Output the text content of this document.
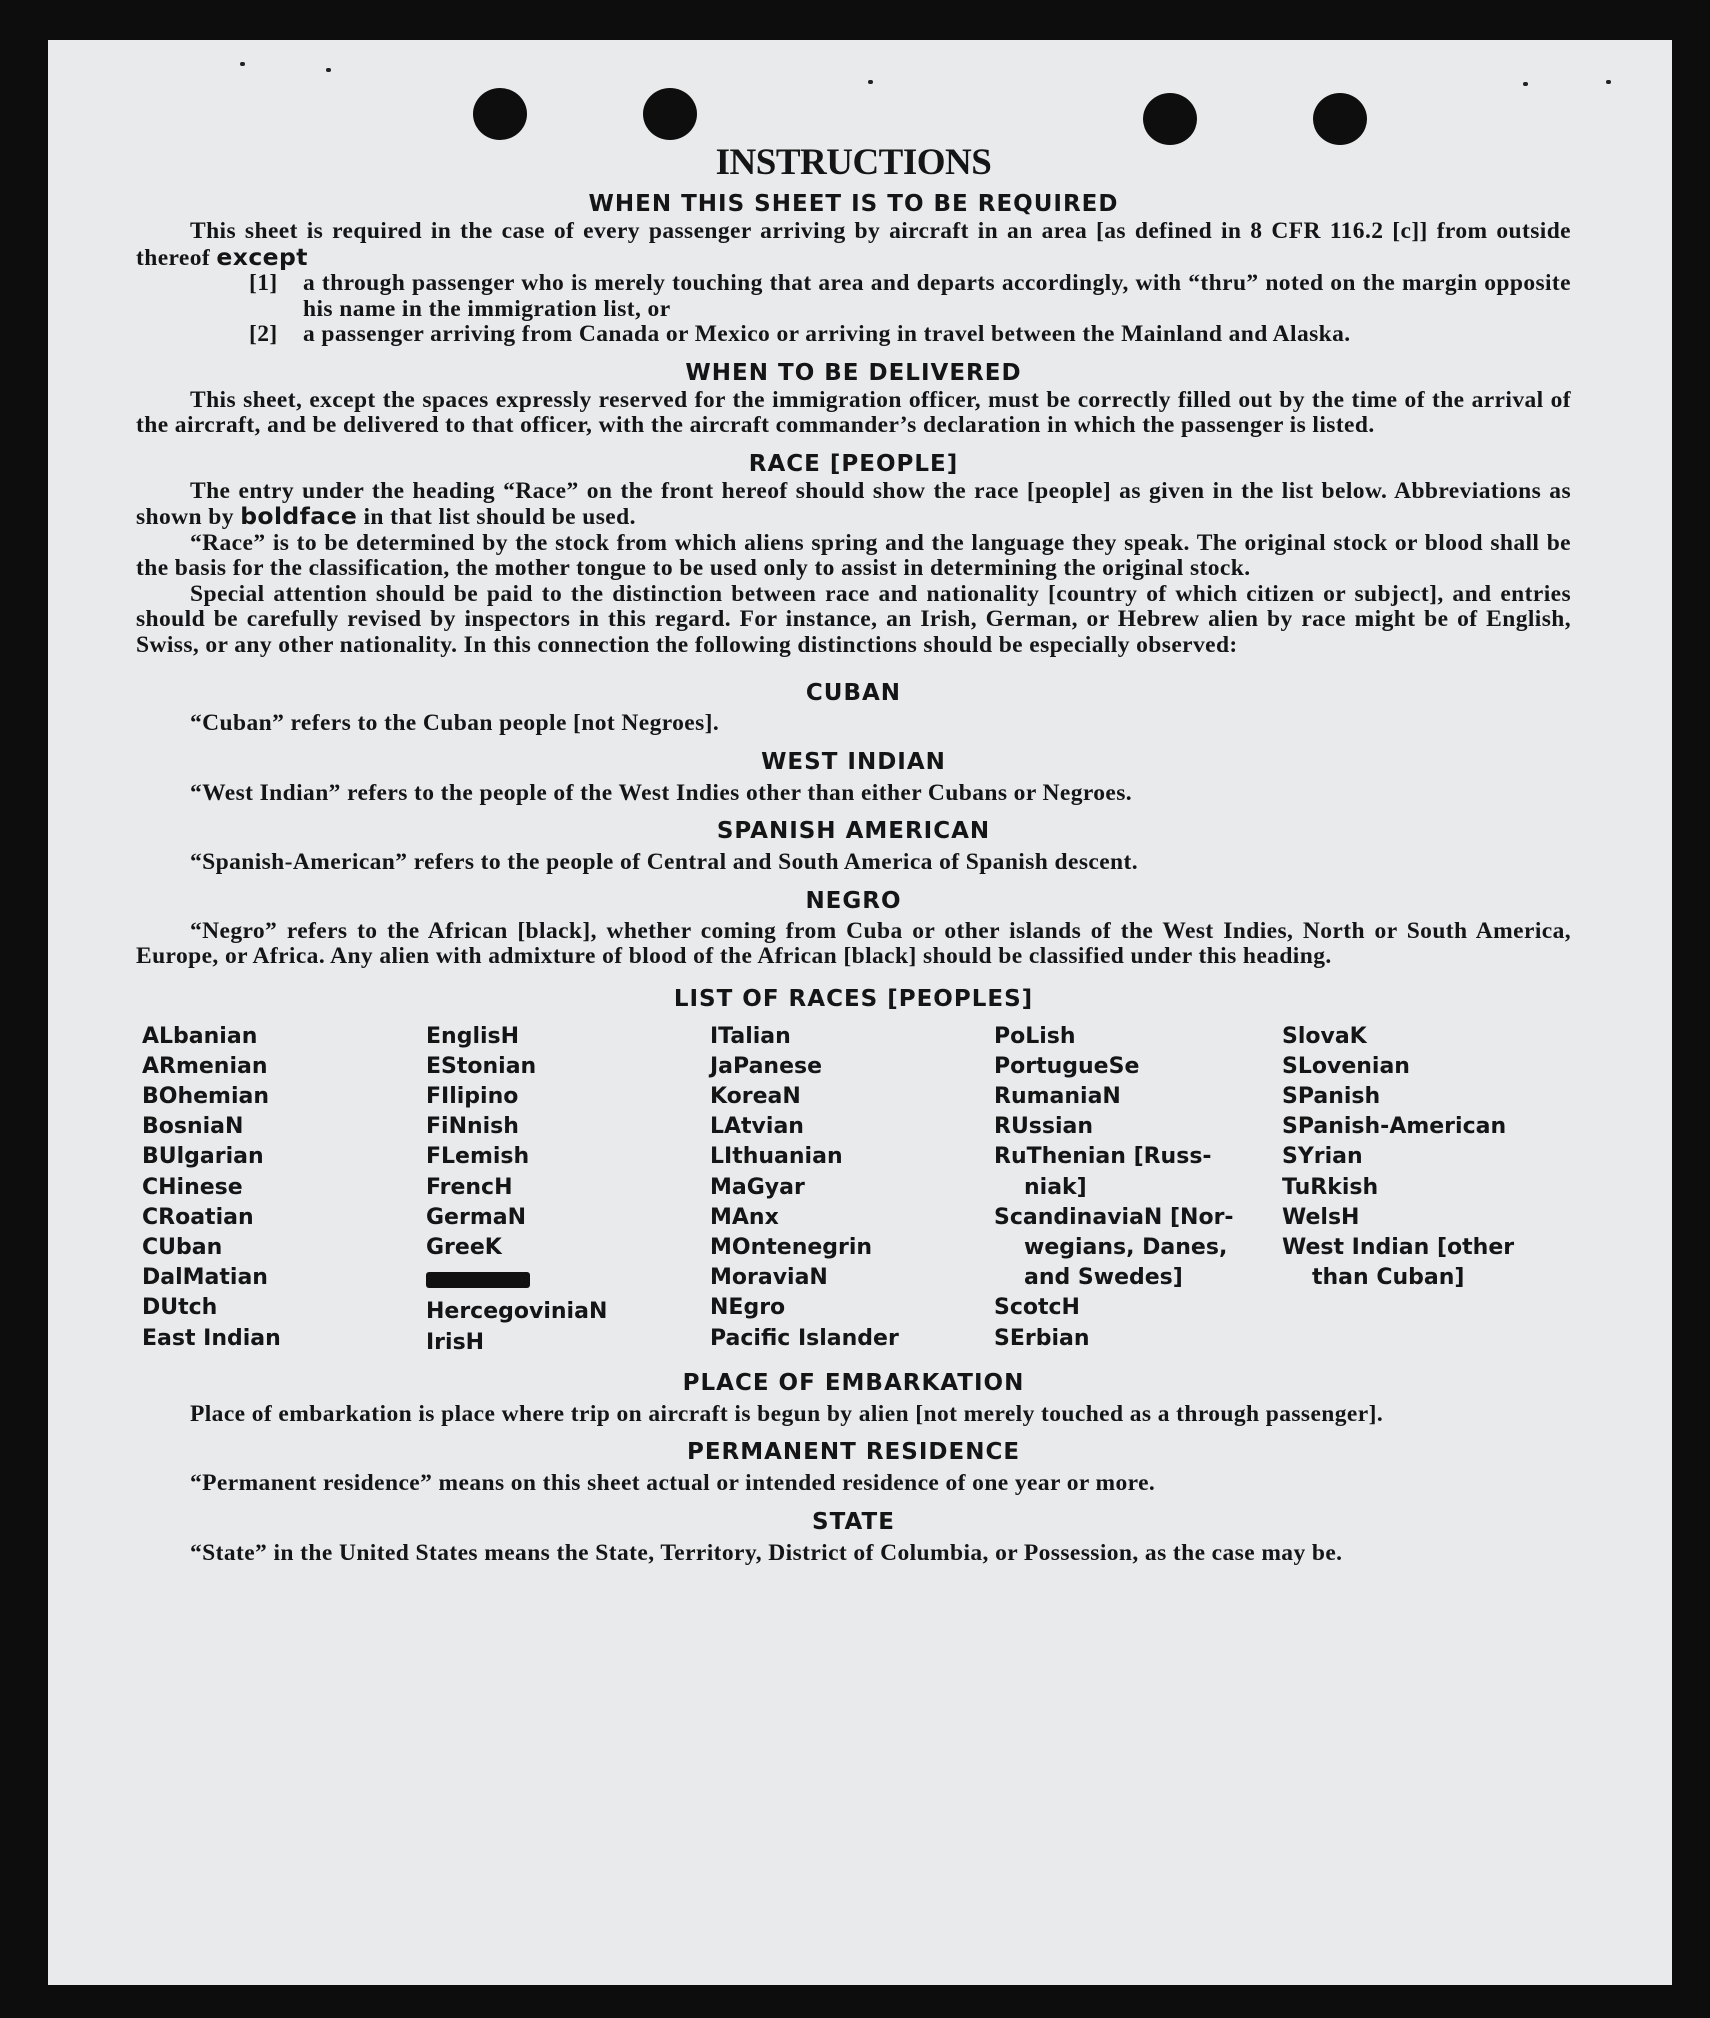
INSTRUCTIONS
WHEN THIS SHEET IS TO BE REQUIRED

This sheet is required in the case of every passenger arriving by aircraft in an area [as defined in 8 CFR 116.2 [c]] from outside thereof except

[1]	a through passenger who is merely touching that area and departs accordingly, with “thru” noted on the margin opposite his name in the immigration list, or
[2]	a passenger arriving from Canada or Mexico or arriving in travel between the Mainland and Alaska.
WHEN TO BE DELIVERED

This sheet, except the spaces expressly reserved for the immigration officer, must be correctly filled out by the time of the arrival of the aircraft, and be delivered to that officer, with the aircraft commander’s declaration in which the passenger is listed.

RACE [PEOPLE]

The entry under the heading “Race” on the front hereof should show the race [people] as given in the list below. Abbreviations as shown by boldface in that list should be used.

“Race” is to be determined by the stock from which aliens spring and the language they speak. The original stock or blood shall be the basis for the classification, the mother tongue to be used only to assist in determining the original stock.

Special attention should be paid to the distinction between race and nationality [country of which citizen or subject], and entries should be carefully revised by inspectors in this regard. For instance, an Irish, German, or Hebrew alien by race might be of English, Swiss, or any other nationality. In this connection the following distinctions should be especially observed:

CUBAN

“Cuban” refers to the Cuban people [not Negroes].

WEST INDIAN

“West Indian” refers to the people of the West Indies other than either Cubans or Negroes.

SPANISH AMERICAN

“Spanish-American” refers to the people of Central and South America of Spanish descent.

NEGRO

“Negro” refers to the African [black], whether coming from Cuba or other islands of the West Indies, North or South America, Europe, or Africa. Any alien with admixture of blood of the African [black] should be classified under this heading.

LIST OF RACES [PEOPLES]
ALbanian
ARmenian
BOhemian
BosniaN
BUlgarian
CHinese
CRoatian
CUban
DalMatian
DUtch
East Indian
EnglisH
EStonian
FIlipino
FiNnish
FLemish
FrencH
GermaN
GreeK
HercegoviniaN
IrisH
ITalian
JaPanese
KoreaN
LAtvian
LIthuanian
MaGyar
MAnx
MOntenegrin
MoraviaN
NEgro
Pacific Islander
PoLish
PortugueSe
RumaniaN
RUssian
RuThenian [Russ-
niak]
ScandinaviaN [Nor-
wegians, Danes,
and Swedes]
ScotcH
SErbian
SlovaK
SLovenian
SPanish
SPanish-American
SYrian
TuRkish
WelsH
West Indian [other
than Cuban]
PLACE OF EMBARKATION

Place of embarkation is place where trip on aircraft is begun by alien [not merely touched as a through passenger].

PERMANENT RESIDENCE

“Permanent residence” means on this sheet actual or intended residence of one year or more.

STATE

“State” in the United States means the State, Territory, District of Columbia, or Possession, as the case may be.
